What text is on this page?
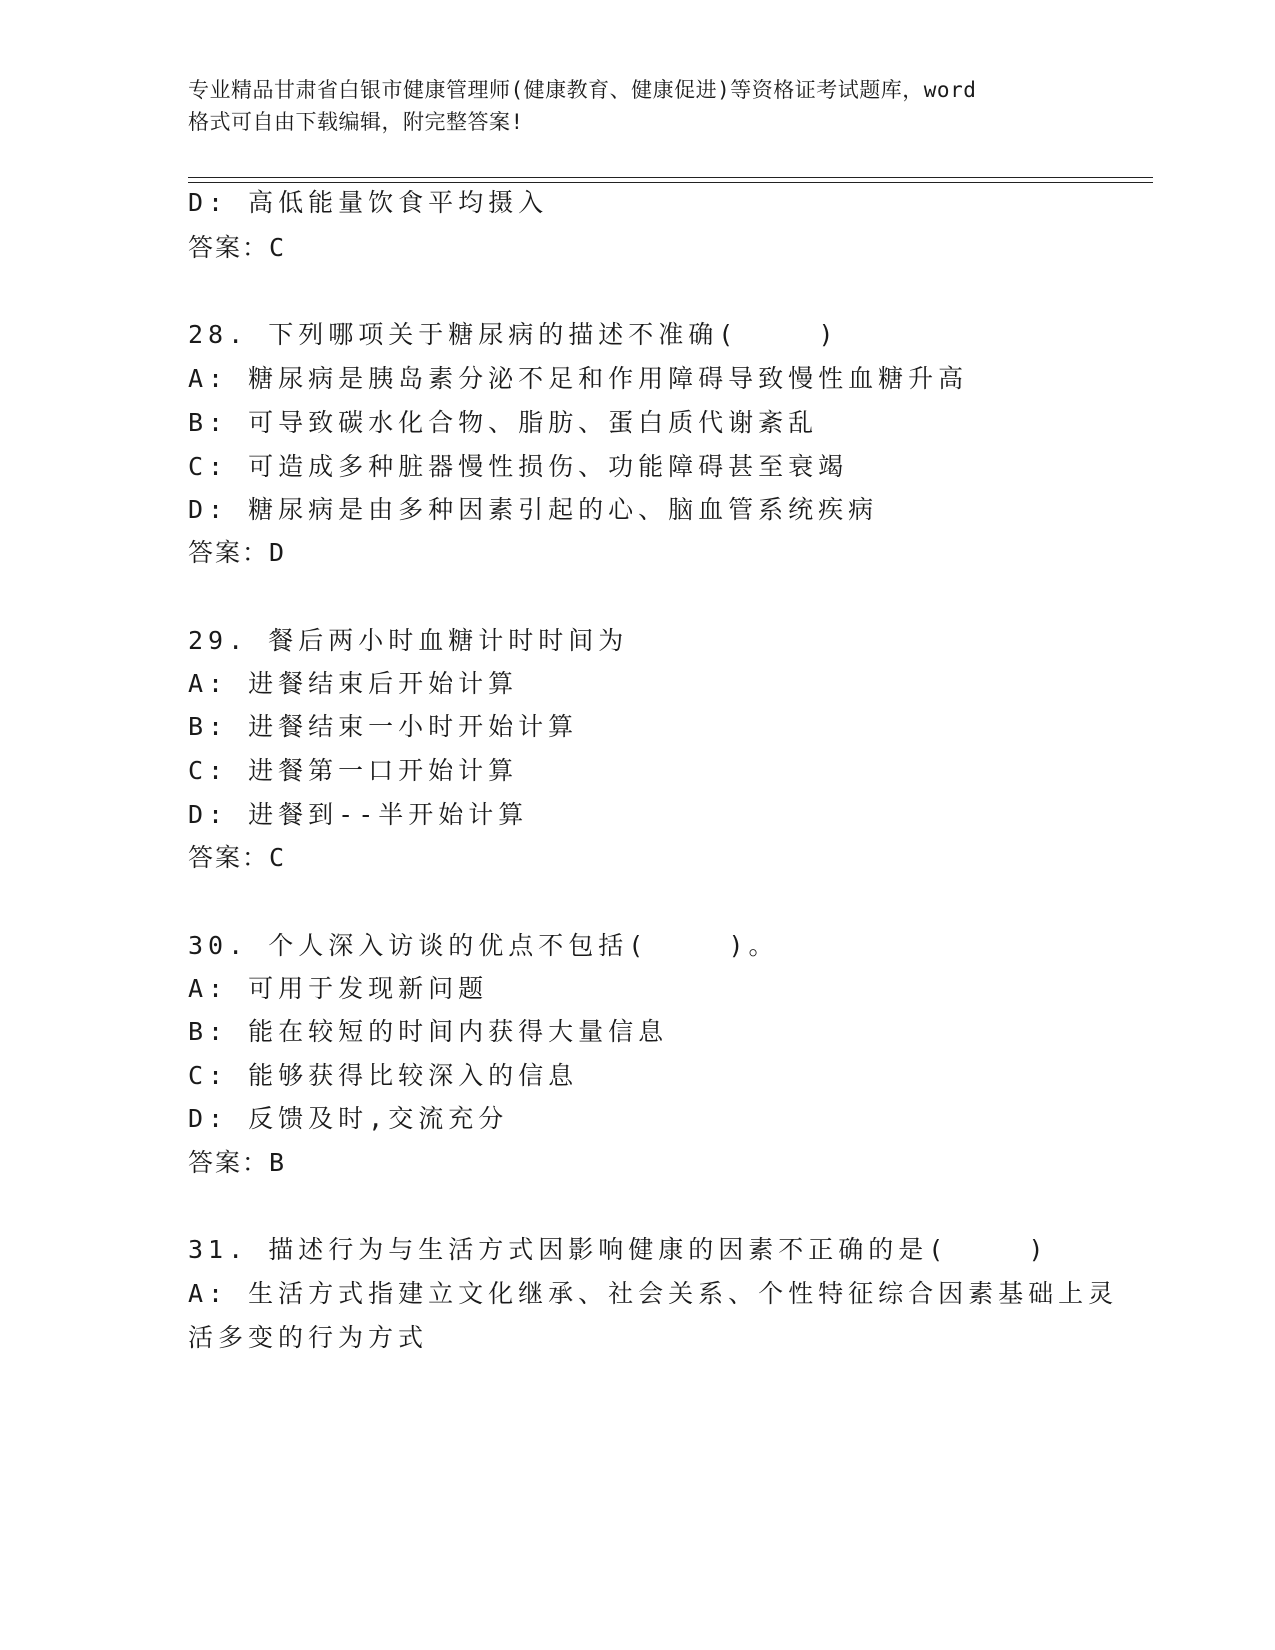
专业精品甘肃省白银市健康管理师(健康教育、健康促进)等资格证考试题库，word
格式可自由下载编辑，附完整答案!
D: 高低能量饮食平均摄入
答案：C
28. 下列哪项关于糖尿病的描述不准确(    )
A: 糖尿病是胰岛素分泌不足和作用障碍导致慢性血糖升高
B: 可导致碳水化合物、脂肪、蛋白质代谢紊乱
C: 可造成多种脏器慢性损伤、功能障碍甚至衰竭
D: 糖尿病是由多种因素引起的心、脑血管系统疾病
答案：D
29. 餐后两小时血糖计时时间为
A: 进餐结束后开始计算
B: 进餐结束一小时开始计算
C: 进餐第一口开始计算
D: 进餐到--半开始计算
答案：C
30. 个人深入访谈的优点不包括(    )。
A: 可用于发现新问题
B: 能在较短的时间内获得大量信息
C: 能够获得比较深入的信息
D: 反馈及时,交流充分
答案：B
31. 描述行为与生活方式因影响健康的因素不正确的是(    )
A: 生活方式指建立文化继承、社会关系、个性特征综合因素基础上灵
活多变的行为方式
